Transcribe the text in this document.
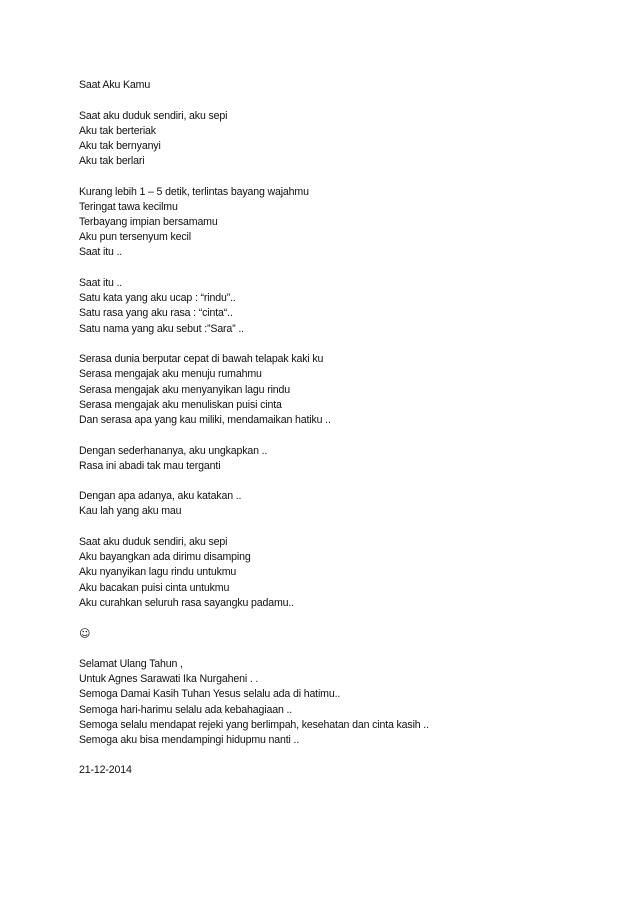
Saat Aku Kamu
Saat aku duduk sendiri, aku sepi
Aku tak berteriak
Aku tak bernyanyi
Aku tak berlari
Kurang lebih 1 – 5 detik, terlintas bayang wajahmu
Teringat tawa kecilmu
Terbayang impian bersamamu
Aku pun tersenyum kecil
Saat itu ..
Saat itu ..
Satu kata yang aku ucap : “rindu”..
Satu rasa yang aku rasa : “cinta“..
Satu nama yang aku sebut :”Sara” ..
Serasa dunia berputar cepat di bawah telapak kaki ku
Serasa mengajak aku menuju rumahmu
Serasa mengajak aku menyanyikan lagu rindu
Serasa mengajak aku menuliskan puisi cinta
Dan serasa apa yang kau miliki, mendamaikan hatiku ..
Dengan sederhananya, aku ungkapkan ..
Rasa ini abadi tak mau terganti
Dengan apa adanya, aku katakan ..
Kau lah yang aku mau
Saat aku duduk sendiri, aku sepi
Aku bayangkan ada dirimu disamping
Aku nyanyikan lagu rindu untukmu
Aku bacakan puisi cinta untukmu
Aku curahkan seluruh rasa sayangku padamu..
☺
Selamat Ulang Tahun ,
Untuk Agnes Sarawati Ika Nurgaheni . .
Semoga Damai Kasih Tuhan Yesus selalu ada di hatimu..
Semoga hari-harimu selalu ada kebahagiaan ..
Semoga selalu mendapat rejeki yang berlimpah, kesehatan dan cinta kasih ..
Semoga aku bisa mendampingi hidupmu nanti ..
21-12-2014
